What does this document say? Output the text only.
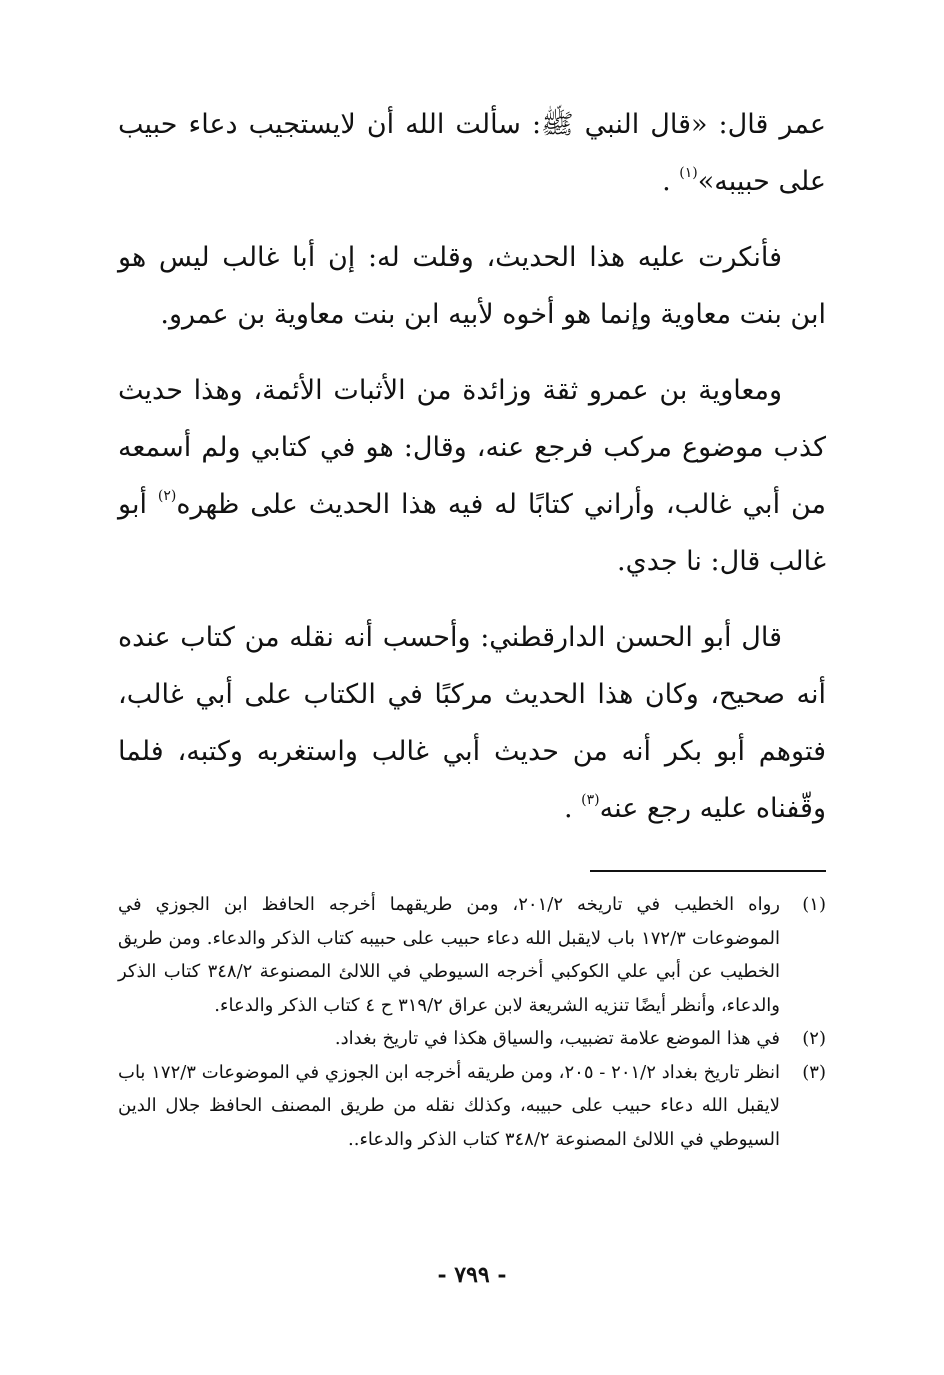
عمر قال: «قال النبي ﷺ: سألت الله أن لايستجيب دعاء حبيب على حبيبه»$^{(١)}$ .

فأنكرت عليه هذا الحديث، وقلت له: إن أبا غالب ليس هو ابن بنت معاوية وإنما هو أخوه لأبيه ابن بنت معاوية بن عمرو.

ومعاوية بن عمرو ثقة وزائدة من الأثبات الأئمة، وهذا حديث كذب موضوع مركب فرجع عنه، وقال: هو في كتابي ولم أسمعه من أبي غالب، وأراني كتابًا له فيه هذا الحديث على ظهره$^{(٢)}$ أبو غالب قال: نا جدي.

قال أبو الحسن الدارقطني: وأحسب أنه نقله من كتاب عنده أنه صحيح، وكان هذا الحديث مركبًا في الكتاب على أبي غالب، فتوهم أبو بكر أنه من حديث أبي غالب واستغربه وكتبه، فلما وقّفناه عليه رجع عنه$^{(٣)}$ .

(١)
رواه الخطيب في تاريخه ٢٠١/٢، ومن طريقهما أخرجه الحافظ ابن الجوزي في الموضوعات ١٧٢/٣ باب لايقبل الله دعاء حبيب على حبيبه كتاب الذكر والدعاء. ومن طريق الخطيب عن أبي علي الكوكبي أخرجه السيوطي في اللالئ المصنوعة ٣٤٨/٢ كتاب الذكر والدعاء، وأنظر أيضًا تنزيه الشريعة لابن عراق ٣١٩/٢ ح ٤ كتاب الذكر والدعاء.
(٢)
في هذا الموضع علامة تضبيب، والسياق هكذا في تاريخ بغداد.
(٣)
انظر تاريخ بغداد ٢٠١/٢ - ٢٠٥، ومن طريقه أخرجه ابن الجوزي في الموضوعات ١٧٢/٣ باب لايقبل الله دعاء حبيب على حبيبه، وكذلك نقله من طريق المصنف الحافظ جلال الدين السيوطي في اللالئ المصنوعة ٣٤٨/٢ كتاب الذكر والدعاء..
- ٧٩٩ -
